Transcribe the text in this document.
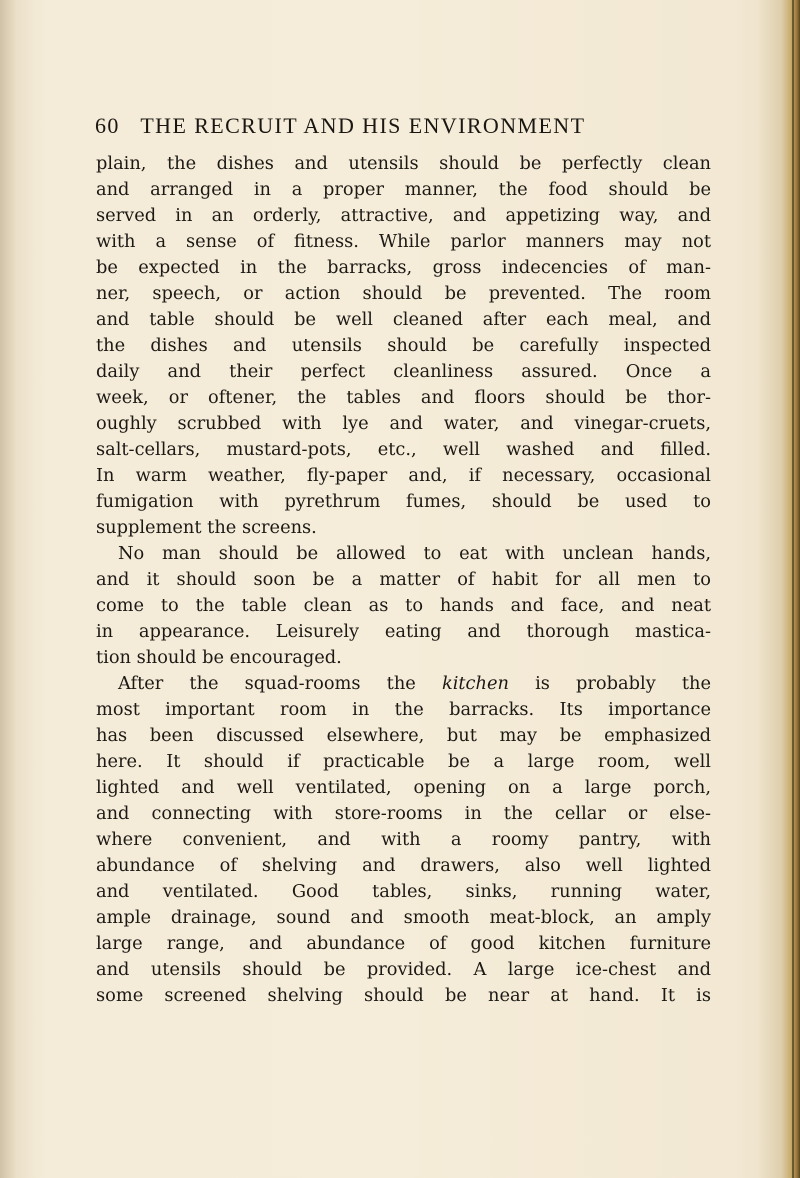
60 THE RECRUIT AND HIS ENVIRONMENT
plain, the dishes and utensils should be perfectly clean
and arranged in a proper manner, the food should be
served in an orderly, attractive, and appetizing way, and
with a sense of fitness. While parlor manners may not
be expected in the barracks, gross indecencies of man-
ner, speech, or action should be prevented. The room
and table should be well cleaned after each meal, and
the dishes and utensils should be carefully inspected
daily and their perfect cleanliness assured. Once a
week, or oftener, the tables and floors should be thor-
oughly scrubbed with lye and water, and vinegar-cruets,
salt-cellars, mustard-pots, etc., well washed and filled.
In warm weather, fly-paper and, if necessary, occasional
fumigation with pyrethrum fumes, should be used to
supplement the screens.
No man should be allowed to eat with unclean hands,
and it should soon be a matter of habit for all men to
come to the table clean as to hands and face, and neat
in appearance. Leisurely eating and thorough mastica-
tion should be encouraged.
After the squad-rooms the kitchen is probably the
most important room in the barracks. Its importance
has been discussed elsewhere, but may be emphasized
here. It should if practicable be a large room, well
lighted and well ventilated, opening on a large porch,
and connecting with store-rooms in the cellar or else-
where convenient, and with a roomy pantry, with
abundance of shelving and drawers, also well lighted
and ventilated. Good tables, sinks, running water,
ample drainage, sound and smooth meat-block, an amply
large range, and abundance of good kitchen furniture
and utensils should be provided. A large ice-chest and
some screened shelving should be near at hand. It is
